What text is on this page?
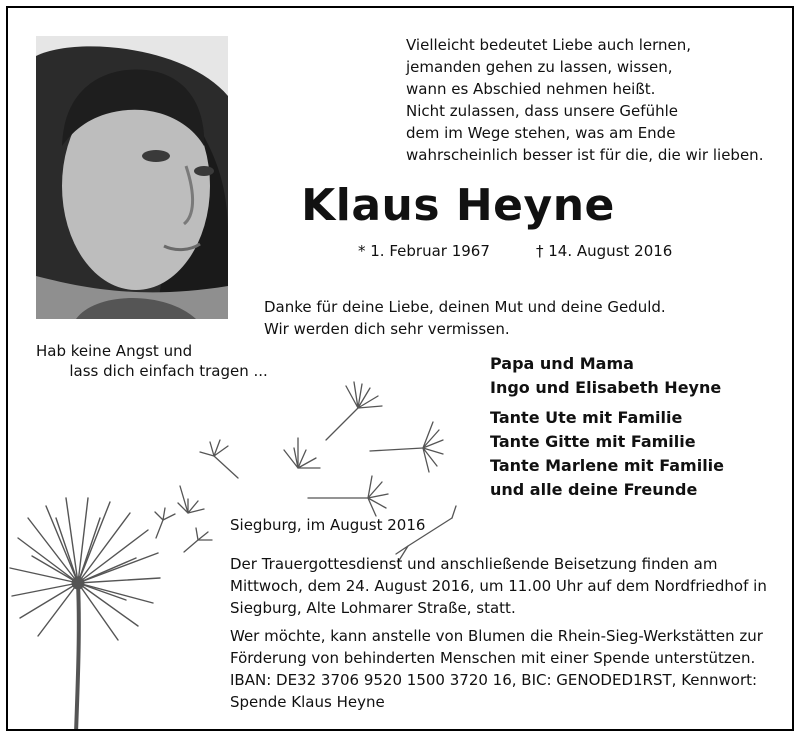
Vielleicht bedeutet Liebe auch lernen,
jemanden gehen zu lassen, wissen,
wann es Abschied nehmen heißt.
Nicht zulassen, dass unsere Gefühle
dem im Wege stehen, was am Ende
wahrscheinlich besser ist für die, die wir lieben.
Klaus Heyne
* 1. Februar 1967	† 14. August 2016
Danke für deine Liebe, deinen Mut und deine Geduld.
Wir werden dich sehr vermissen.
Hab keine Angst und
lass dich einfach tragen ...	Papa und Mama
Ingo und Elisabeth Heyne
Tante Ute mit Familie
Tante Gitte mit Familie
Tante Marlene mit Familie
und alle deine Freunde
Siegburg, im August 2016
Der Trauergottesdienst und anschließende Beisetzung finden am
Mittwoch, dem 24. August 2016, um 11.00 Uhr auf dem Nordfriedhof in
Siegburg, Alte Lohmarer Straße, statt.
Wer möchte, kann anstelle von Blumen die Rhein-Sieg-Werkstätten zur
Förderung von behinderten Menschen mit einer Spende unterstützen.
IBAN: DE32 3706 9520 1500 3720 16, BIC: GENODED1RST, Kennwort:
Spende Klaus Heyne
